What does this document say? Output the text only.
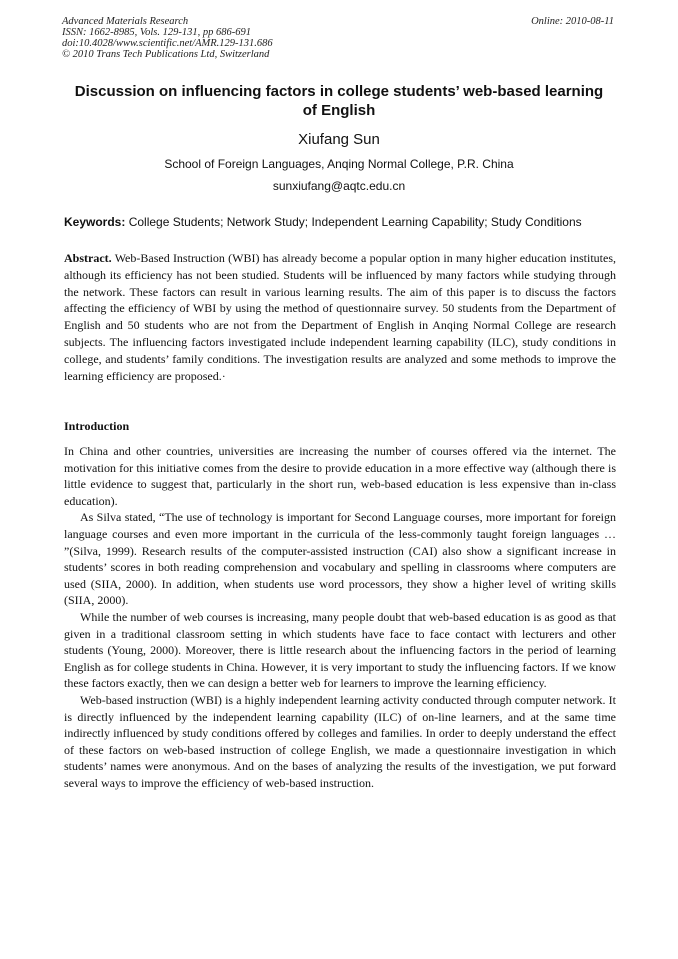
Advanced Materials Research
ISSN: 1662-8985, Vols. 129-131, pp 686-691
doi:10.4028/www.scientific.net/AMR.129-131.686
© 2010 Trans Tech Publications Ltd, Switzerland
Online: 2010-08-11
Discussion on influencing factors in college students’ web-based learning of English
Xiufang Sun
School of Foreign Languages, Anqing Normal College, P.R. China
sunxiufang@aqtc.edu.cn
Keywords: College Students; Network Study; Independent Learning Capability; Study Conditions
Abstract. Web-Based Instruction (WBI) has already become a popular option in many higher education institutes, although its efficiency has not been studied. Students will be influenced by many factors while studying through the network. These factors can result in various learning results. The aim of this paper is to discuss the factors affecting the efficiency of WBI by using the method of questionnaire survey. 50 students from the Department of English and 50 students who are not from the Department of English in Anqing Normal College are research subjects. The influencing factors investigated include independent learning capability (ILC), study conditions in college, and students’ family conditions. The investigation results are analyzed and some methods to improve the learning efficiency are proposed.·
Introduction

In China and other countries, universities are increasing the number of courses offered via the internet. The motivation for this initiative comes from the desire to provide education in a more effective way (although there is little evidence to suggest that, particularly in the short run, web-based education is less expensive than in-class education).

As Silva stated, “The use of technology is important for Second Language courses, more important for foreign language courses and even more important in the curricula of the less-commonly taught foreign languages … ”(Silva, 1999). Research results of the computer-assisted instruction (CAI) also show a significant increase in students’ scores in both reading comprehension and vocabulary and spelling in classrooms where computers are used (SIIA, 2000). In addition, when students use word processors, they show a higher level of writing skills (SIIA, 2000).

While the number of web courses is increasing, many people doubt that web-based education is as good as that given in a traditional classroom setting in which students have face to face contact with lecturers and other students (Young, 2000). Moreover, there is little research about the influencing factors in the period of learning English as for college students in China. However, it is very important to study the influencing factors. If we know these factors exactly, then we can design a better web for learners to improve the learning efficiency.

Web-based instruction (WBI) is a highly independent learning activity conducted through computer network. It is directly influenced by the independent learning capability (ILC) of on-line learners, and at the same time indirectly influenced by study conditions offered by colleges and families. In order to deeply understand the effect of these factors on web-based instruction of college English, we made a questionnaire investigation in which students’ names were anonymous. And on the bases of analyzing the results of the investigation, we put forward several ways to improve the efficiency of web-based instruction.
